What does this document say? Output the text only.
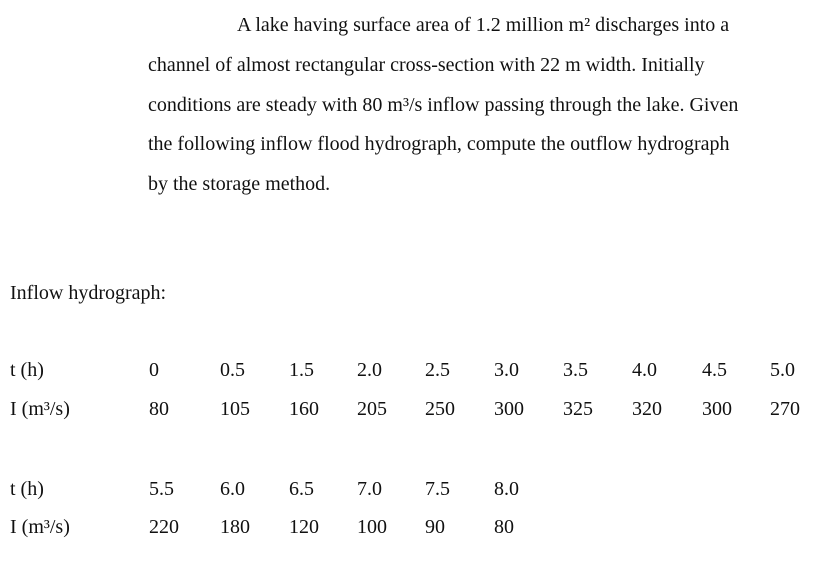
A lake having surface area of 1.2 million m² discharges into a
channel of almost rectangular cross-section with 22 m width. Initially
conditions are steady with 80 m³/s inflow passing through the lake. Given
the following inflow flood hydrograph, compute the outflow hydrograph
by the storage method.
Inflow hydrograph:
t (h)	0	0.5 1.5 2.0 2.5 3.0 3.5 4.0 4.5 5.0
I (m³/s)	80	105 160 205 250 300 325 320 300 270
t (h)	5.5 6.0 6.5 7.0 7.5 8.0
I (m³/s)	220 180 120 100 90 80
